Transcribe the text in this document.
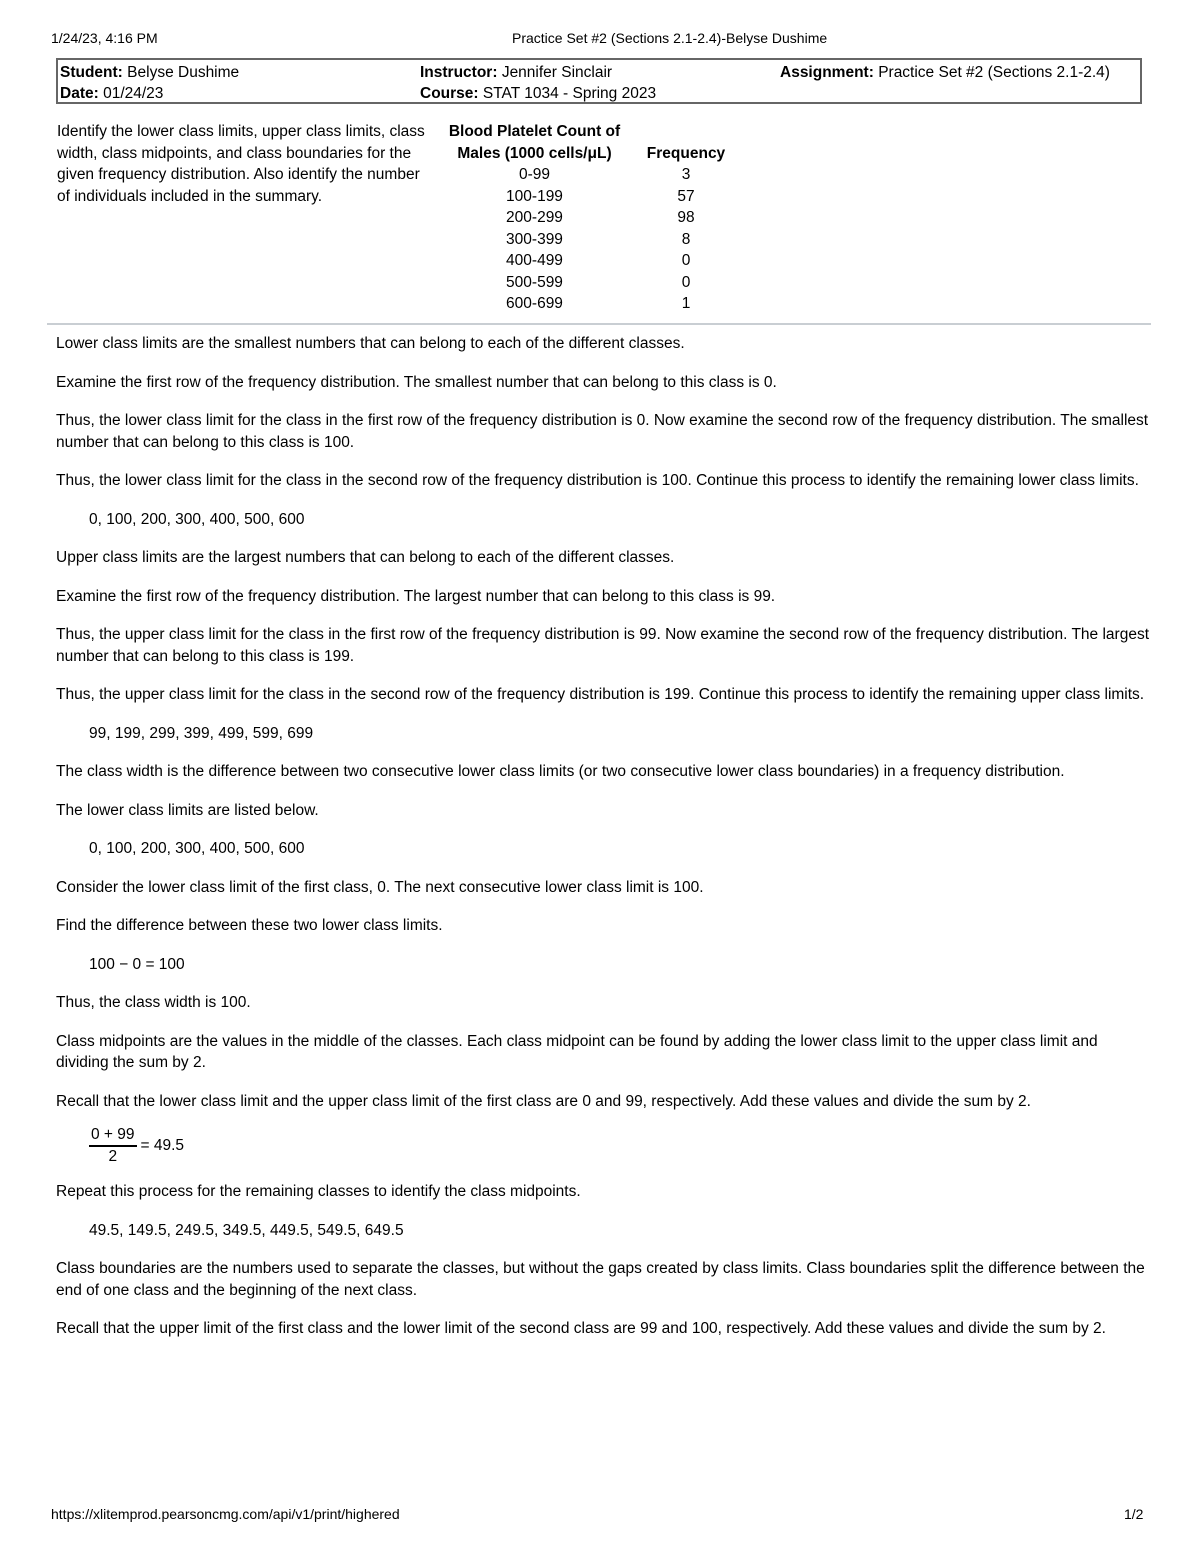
1/24/23, 4:16 PM	Practice Set #2 (Sections 2.1-2.4)-Belyse Dushime
Student: Belyse Dushime
Date: 01/24/23
Instructor: Jennifer Sinclair
Course: STAT 1034 - Spring 2023
Assignment: Practice Set #2 (Sections 2.1-2.4)
Identify the lower class limits, upper class limits, class width, class midpoints, and class boundaries for the given frequency distribution. Also identify the number of individuals included in the summary.
Blood Platelet Count of Males (1000 cells/μL)	Frequency
0-99	3
100-199	57
200-299	98
300-399	8
400-499	0
500-599	0
600-699	1

Lower class limits are the smallest numbers that can belong to each of the different classes.

Examine the first row of the frequency distribution. The smallest number that can belong to this class is 0.

Thus, the lower class limit for the class in the first row of the frequency distribution is 0. Now examine the second row of the frequency distribution. The smallest number that can belong to this class is 100.

Thus, the lower class limit for the class in the second row of the frequency distribution is 100. Continue this process to identify the remaining lower class limits.

0, 100, 200, 300, 400, 500, 600

Upper class limits are the largest numbers that can belong to each of the different classes.

Examine the first row of the frequency distribution. The largest number that can belong to this class is 99.

Thus, the upper class limit for the class in the first row of the frequency distribution is 99. Now examine the second row of the frequency distribution. The largest number that can belong to this class is 199.

Thus, the upper class limit for the class in the second row of the frequency distribution is 199. Continue this process to identify the remaining upper class limits.

99, 199, 299, 399, 499, 599, 699

The class width is the difference between two consecutive lower class limits (or two consecutive lower class boundaries) in a frequency distribution.

The lower class limits are listed below.

0, 100, 200, 300, 400, 500, 600

Consider the lower class limit of the first class, 0. The next consecutive lower class limit is 100.

Find the difference between these two lower class limits.

100 − 0 = 100

Thus, the class width is 100.

Class midpoints are the values in the middle of the classes. Each class midpoint can be found by adding the lower class limit to the upper class limit and dividing the sum by 2.

Recall that the lower class limit and the upper class limit of the first class are 0 and 99, respectively. Add these values and divide the sum by 2.

$\frac{0 + 99}{2} = 49.5$

Repeat this process for the remaining classes to identify the class midpoints.

49.5, 149.5, 249.5, 349.5, 449.5, 549.5, 649.5

Class boundaries are the numbers used to separate the classes, but without the gaps created by class limits. Class boundaries split the difference between the end of one class and the beginning of the next class.

Recall that the upper limit of the first class and the lower limit of the second class are 99 and 100, respectively. Add these values and divide the sum by 2.

https://xlitemprod.pearsoncmg.com/api/v1/print/highered	1/2
